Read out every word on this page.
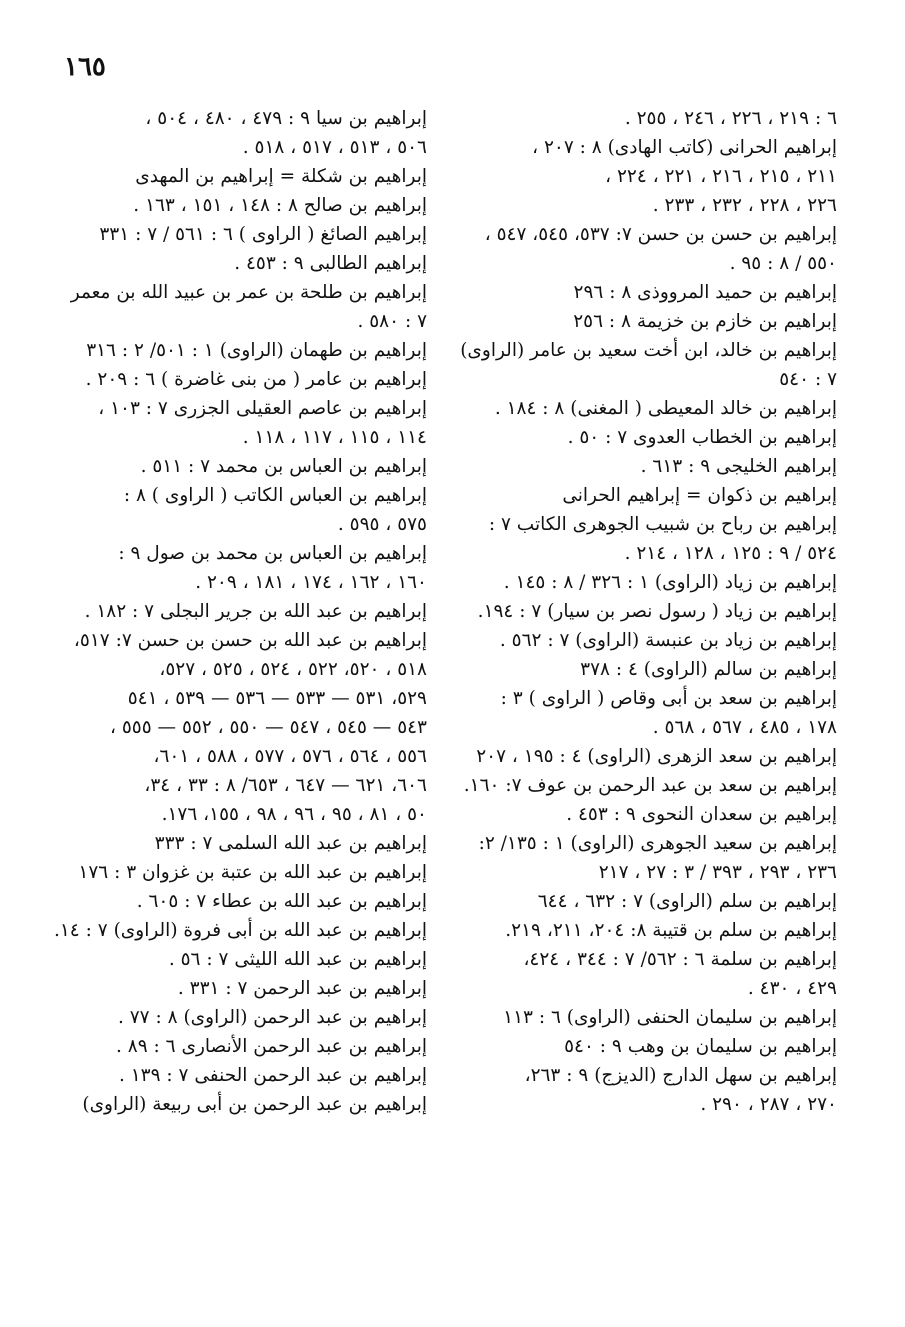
١٦٥
٦ : ٢١٩ ، ٢٢٦ ، ٢٤٦ ، ٢٥٥ .
إبراهيم الحرانى (كاتب الهادى) ٨ : ٢٠٧ ،
٢١١ ، ٢١٥ ، ٢١٦ ، ٢٢١ ، ٢٢٤ ،
٢٢٦ ، ٢٢٨ ، ٢٣٢ ، ٢٣٣ .
إبراهيم بن حسن بن حسن ٧: ٥٣٧، ٥٤٥، ٥٤٧ ،
٥٥٠ / ٨ : ٩٥ .
إبراهيم بن حميد المرووذى ٨ : ٢٩٦
إبراهيم بن خازم بن خزيمة ٨ : ٢٥٦
إبراهيم بن خالد، ابن أخت سعيد بن عامر (الراوى)
٧ : ٥٤٠
إبراهيم بن خالد المعيطى ( المغنى) ٨ : ١٨٤ .
إبراهيم بن الخطاب العدوى ٧ : ٥٠ .
إبراهيم الخليجى ٩ : ٦١٣ .
إبراهيم بن ذكوان = إبراهيم الحرانى
إبراهيم بن رباح بن شبيب الجوهرى الكاتب ٧ :
٥٢٤ / ٩ : ١٢٥ ، ١٢٨ ، ٢١٤ .
إبراهيم بن زياد (الراوى) ١ : ٣٢٦ / ٨ : ١٤٥ .
إبراهيم بن زياد ( رسول نصر بن سيار) ٧ : ١٩٤.
إبراهيم بن زياد بن عنبسة (الراوى) ٧ : ٥٦٢ .
إبراهيم بن سالم (الراوى) ٤ : ٣٧٨
إبراهيم بن سعد بن أبى وقاص ( الراوى ) ٣ :
١٧٨ ، ٤٨٥ ، ٥٦٧ ، ٥٦٨ .
إبراهيم بن سعد الزهرى (الراوى) ٤ : ١٩٥ ، ٢٠٧
إبراهيم بن سعد بن عبد الرحمن بن عوف ٧: ١٦٠.
إبراهيم بن سعدان النحوى ٩ : ٤٥٣ .
إبراهيم بن سعيد الجوهرى (الراوى) ١ : ١٣٥/ ٢:
٢٣٦ ، ٢٩٣ ، ٣٩٣ / ٣ : ٢٧ ، ٢١٧
إبراهيم بن سلم (الراوى) ٧ : ٦٣٢ ، ٦٤٤
إبراهيم بن سلم بن قتيبة ٨: ٢٠٤، ٢١١، ٢١٩.
إبراهيم بن سلمة ٦ : ٥٦٢/ ٧ : ٣٤٤ ، ٤٢٤،
٤٢٩ ، ٤٣٠ .
إبراهيم بن سليمان الحنفى (الراوى) ٦ : ١١٣
إبراهيم بن سليمان بن وهب ٩ : ٥٤٠
إبراهيم بن سهل الدارج (الديزج) ٩ : ٢٦٣،
٢٧٠ ، ٢٨٧ ، ٢٩٠ .
إبراهيم بن سيا ٩ : ٤٧٩ ، ٤٨٠ ، ٥٠٤ ،
٥٠٦ ، ٥١٣ ، ٥١٧ ، ٥١٨ .
إبراهيم بن شكلة = إبراهيم بن المهدى
إبراهيم بن صالح ٨ : ١٤٨ ، ١٥١ ، ١٦٣ .
إبراهيم الصائغ ( الراوى ) ٦ : ٥٦١ / ٧ : ٣٣١
إبراهيم الطالبى ٩ : ٤٥٣ .
إبراهيم بن طلحة بن عمر بن عبيد الله بن معمر
٧ : ٥٨٠ .
إبراهيم بن طهمان (الراوى) ١ : ٥٠١/ ٢ : ٣١٦
إبراهيم بن عامر ( من بنى غاضرة ) ٦ : ٢٠٩ .
إبراهيم بن عاصم العقيلى الجزرى ٧ : ١٠٣ ،
١١٤ ، ١١٥ ، ١١٧ ، ١١٨ .
إبراهيم بن العباس بن محمد ٧ : ٥١١ .
إبراهيم بن العباس الكاتب ( الراوى ) ٨ :
٥٧٥ ، ٥٩٥ .
إبراهيم بن العباس بن محمد بن صول ٩ :
١٦٠ ، ١٦٢ ، ١٧٤ ، ١٨١ ، ٢٠٩ .
إبراهيم بن عبد الله بن جرير البجلى ٧ : ١٨٢ .
إبراهيم بن عبد الله بن حسن بن حسن ٧: ٥١٧،
٥١٨ ، ٥٢٠، ٥٢٢ ، ٥٢٤ ، ٥٢٥ ، ٥٢٧،
٥٢٩، ٥٣١ — ٥٣٣ — ٥٣٦ — ٥٣٩ ، ٥٤١
٥٤٣ — ٥٤٥ ، ٥٤٧ — ٥٥٠ ، ٥٥٢ — ٥٥٥ ،
٥٥٦ ، ٥٦٤ ، ٥٧٦ ، ٥٧٧ ، ٥٨٨ ، ٦٠١،
٦٠٦، ٦٢١ — ٦٤٧ ، ٦٥٣/ ٨ : ٣٣ ، ٣٤،
٥٠ ، ٨١ ، ٩٥ ، ٩٦ ، ٩٨ ، ١٥٥، ١٧٦.
إبراهيم بن عبد الله السلمى ٧ : ٣٣٣
إبراهيم بن عبد الله بن عتبة بن غزوان ٣ : ١٧٦
إبراهيم بن عبد الله بن عطاء ٧ : ٦٠٥ .
إبراهيم بن عبد الله بن أبى فروة (الراوى) ٧ : ١٤.
إبراهيم بن عبد الله الليثى ٧ : ٥٦ .
إبراهيم بن عبد الرحمن ٧ : ٣٣١ .
إبراهيم بن عبد الرحمن (الراوى) ٨ : ٧٧ .
إبراهيم بن عبد الرحمن الأنصارى ٦ : ٨٩ .
إبراهيم بن عبد الرحمن الحنفى ٧ : ١٣٩ .
إبراهيم بن عبد الرحمن بن أبى ربيعة (الراوى)
